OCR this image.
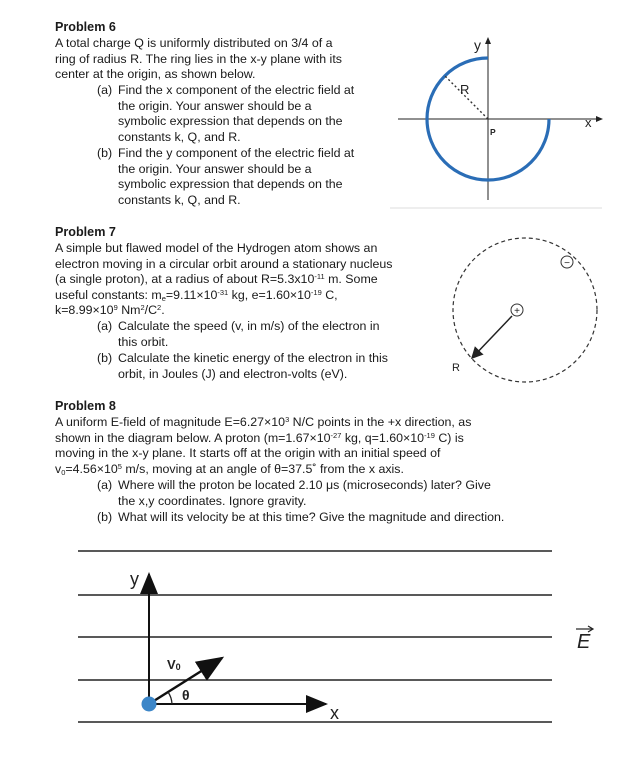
Problem 6
A total charge Q is uniformly distributed on 3/4 of a
ring of radius R. The ring lies in the x-y plane with its
center at the origin, as shown below.
(a) Find the x component of the electric field at
the origin. Your answer should be a
symbolic expression that depends on the
constants k, Q, and R.
(b) Find the y component of the electric field at
the origin. Your answer should be a
symbolic expression that depends on the
constants k, Q, and R.
R
P
y
x
Problem 7
A simple but flawed model of the Hydrogen atom shows an
electron moving in a circular orbit around a stationary nucleus
(a single proton), at a radius of about $R=5.3x10^{-11}$ m. Some
useful constants: $m_e=9.11\times 10^{-31}$ kg, $e=1.60\times 10^{-19}$ C,
$k=8.99\times 10^9$ $Nm^2/C^2$.
(a) Calculate the speed (v, in m/s) of the electron in
this orbit.
(b) Calculate the kinetic energy of the electron in this
orbit, in Joules (J) and electron-volts (eV).
+
−
R
Problem 8
A uniform E-field of magnitude $E=6.27\times 10^3$ N/C points in the +x direction, as
shown in the diagram below. A proton ($m=1.67\times 10^{-27}$ kg, $q=1.60\times 10^{-19}$ C) is
moving in the x-y plane. It starts off at the origin with an initial speed of
$v_0=4.56\times 10^5$ m/s, moving at an angle of θ=37.5˚ from the x axis.
(a) Where will the proton be located 2.10 μs (microseconds) later? Give
the x,y coordinates. Ignore gravity.
(b) What will its velocity be at this time? Give the magnitude and direction.
y
x
V0
θ
E
